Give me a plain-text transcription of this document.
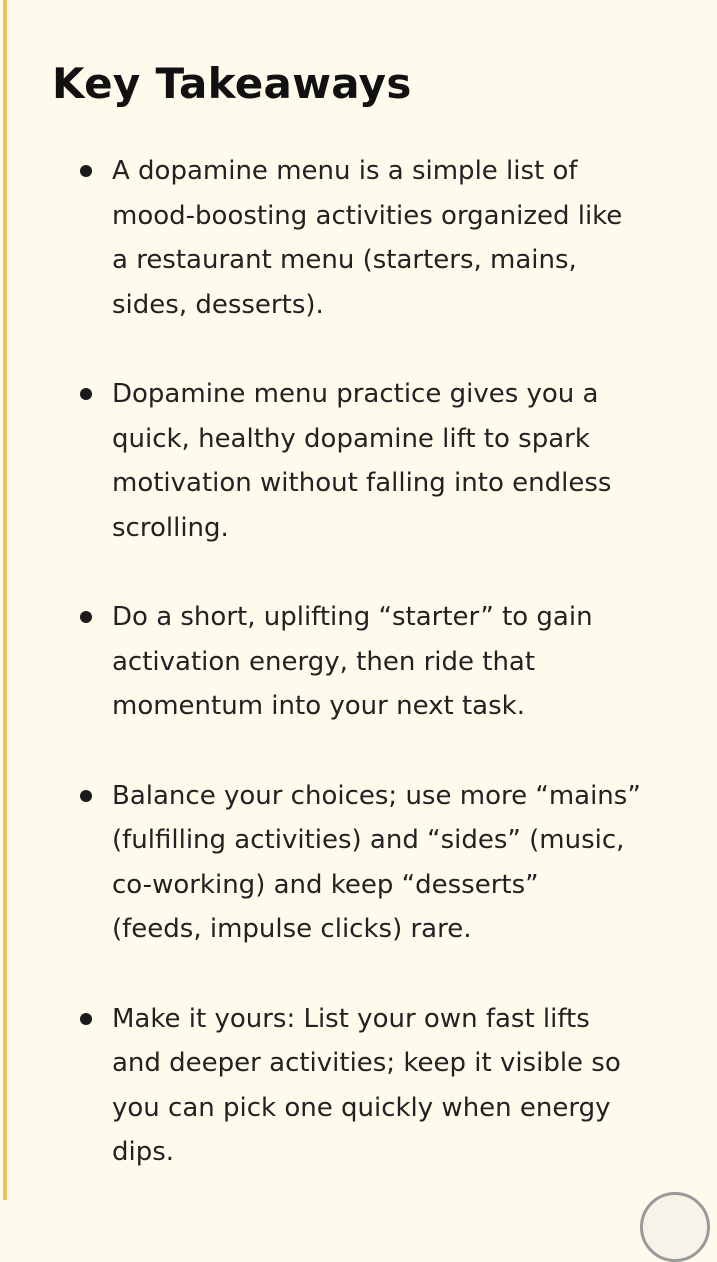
Key Takeaways
A dopamine menu is a simple list of
mood-boosting activities organized like
a restaurant menu (starters, mains,
sides, desserts).
Dopamine menu practice gives you a
quick, healthy dopamine lift to spark
motivation without falling into endless
scrolling.
Do a short, uplifting “starter” to gain
activation energy, then ride that
momentum into your next task.
Balance your choices; use more “mains”
(fulfilling activities) and “sides” (music,
co-working) and keep “desserts”
(feeds, impulse clicks) rare.
Make it yours: List your own fast lifts
and deeper activities; keep it visible so
you can pick one quickly when energy
dips.
